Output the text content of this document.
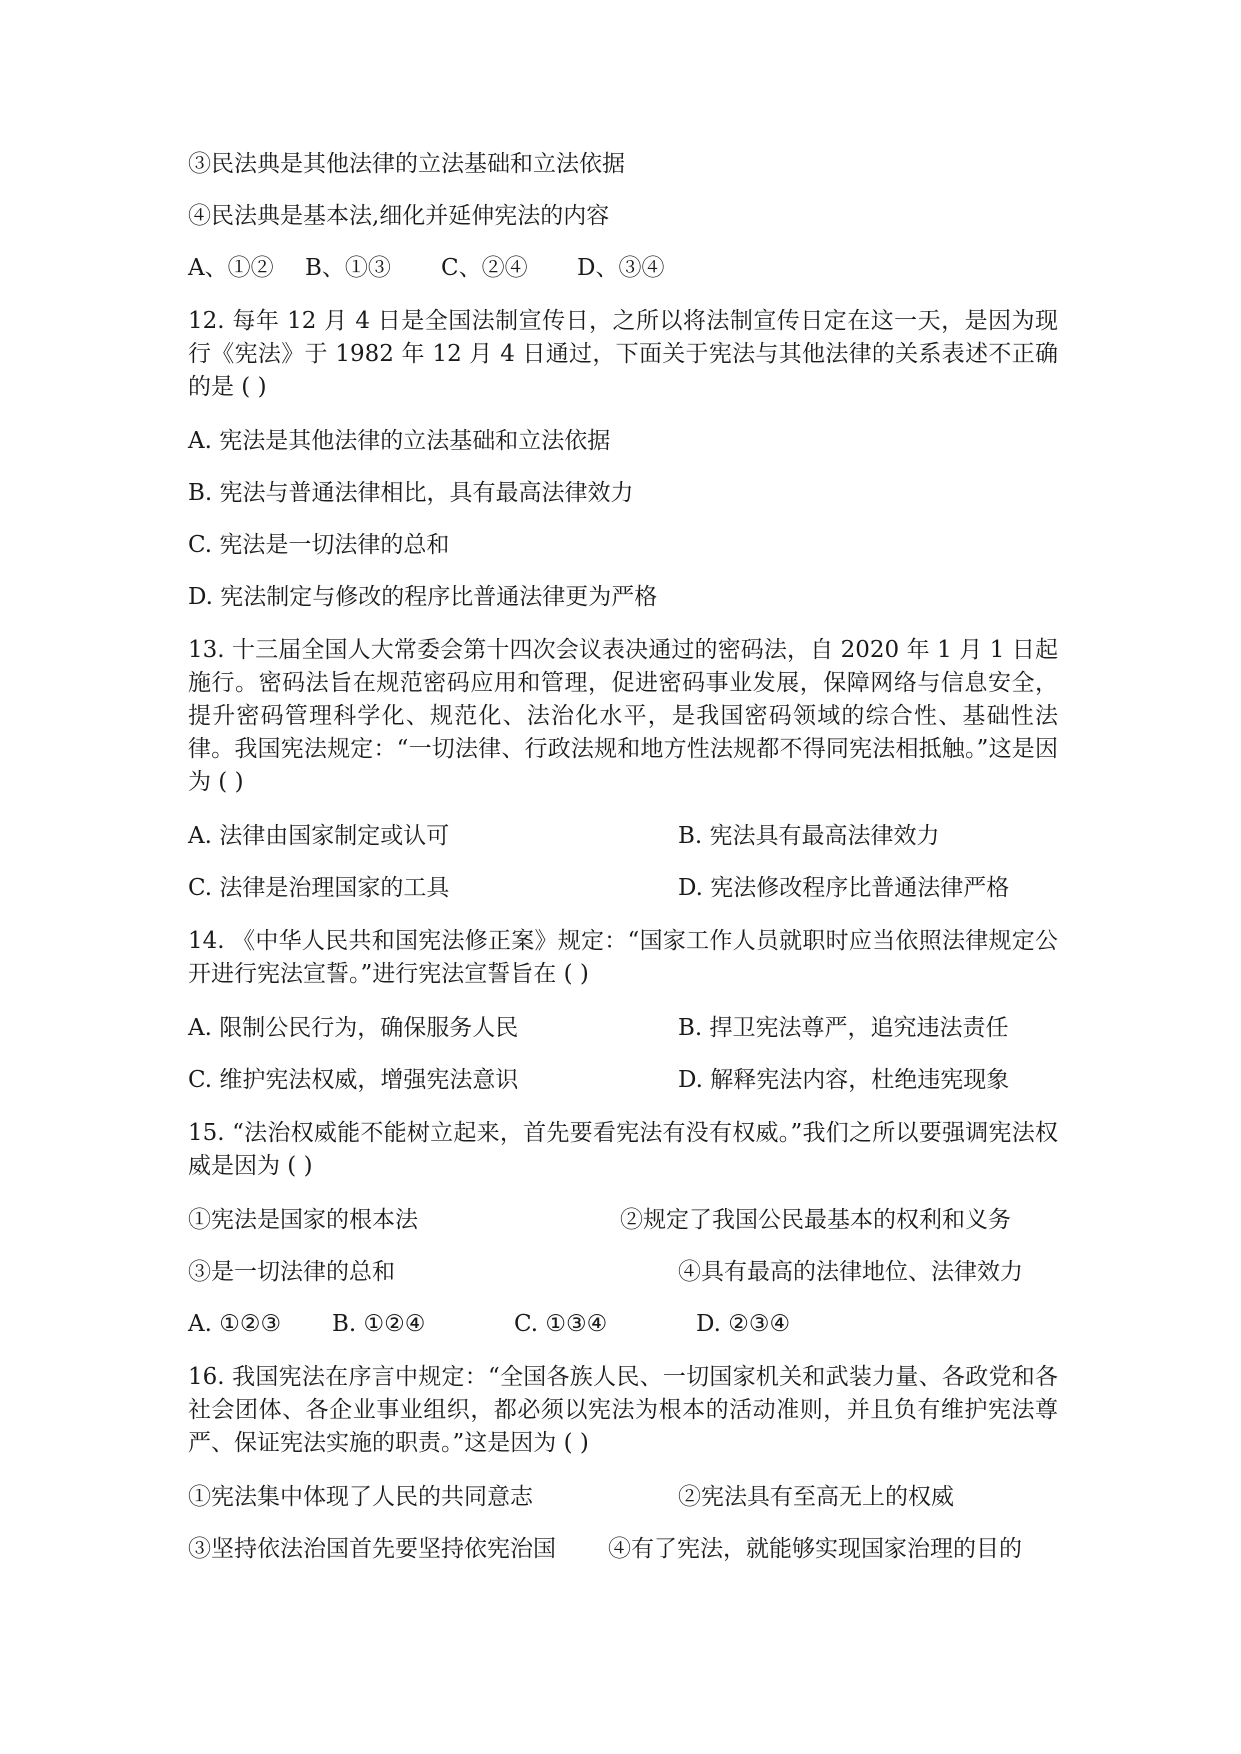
③民法典是其他法律的立法基础和立法依据
④民法典是基本法,细化并延伸宪法的内容
A、①② B、①③ C、②④ D、③④
12. 每年 12 月 4 日是全国法制宣传日，之所以将法制宣传日定在这一天，是因为现行《宪法》于 1982 年 12 月 4 日通过，下面关于宪法与其他法律的关系表述不正确的是 ( )
A. 宪法是其他法律的立法基础和立法依据
B. 宪法与普通法律相比，具有最高法律效力
C. 宪法是一切法律的总和
D. 宪法制定与修改的程序比普通法律更为严格
13. 十三届全国人大常委会第十四次会议表决通过的密码法，自 2020 年 1 月 1 日起施行。密码法旨在规范密码应用和管理，促进密码事业发展，保障网络与信息安全，提升密码管理科学化、规范化、法治化水平，是我国密码领域的综合性、基础性法律。我国宪法规定：“一切法律、行政法规和地方性法规都不得同宪法相抵触。”这是因为 ( )
A. 法律由国家制定或认可	B. 宪法具有最高法律效力
C. 法律是治理国家的工具	D. 宪法修改程序比普通法律严格
14. 《中华人民共和国宪法修正案》规定：“国家工作人员就职时应当依照法律规定公开进行宪法宣誓。”进行宪法宣誓旨在 ( )
A. 限制公民行为，确保服务人民	B. 捍卫宪法尊严，追究违法责任
C. 维护宪法权威，增强宪法意识	D. 解释宪法内容，杜绝违宪现象
15. “法治权威能不能树立起来，首先要看宪法有没有权威。”我们之所以要强调宪法权威是因为 ( )
①宪法是国家的根本法	②规定了我国公民最基本的权利和义务
③是一切法律的总和	④具有最高的法律地位、法律效力
A. ①②③ B. ①②④	C. ①③④	D. ②③④
16. 我国宪法在序言中规定：“全国各族人民、一切国家机关和武装力量、各政党和各社会团体、各企业事业组织，都必须以宪法为根本的活动准则，并且负有维护宪法尊严、保证宪法实施的职责。”这是因为 ( )
①宪法集中体现了人民的共同意志	②宪法具有至高无上的权威
③坚持依法治国首先要坚持依宪治国	④有了宪法，就能够实现国家治理的目的
